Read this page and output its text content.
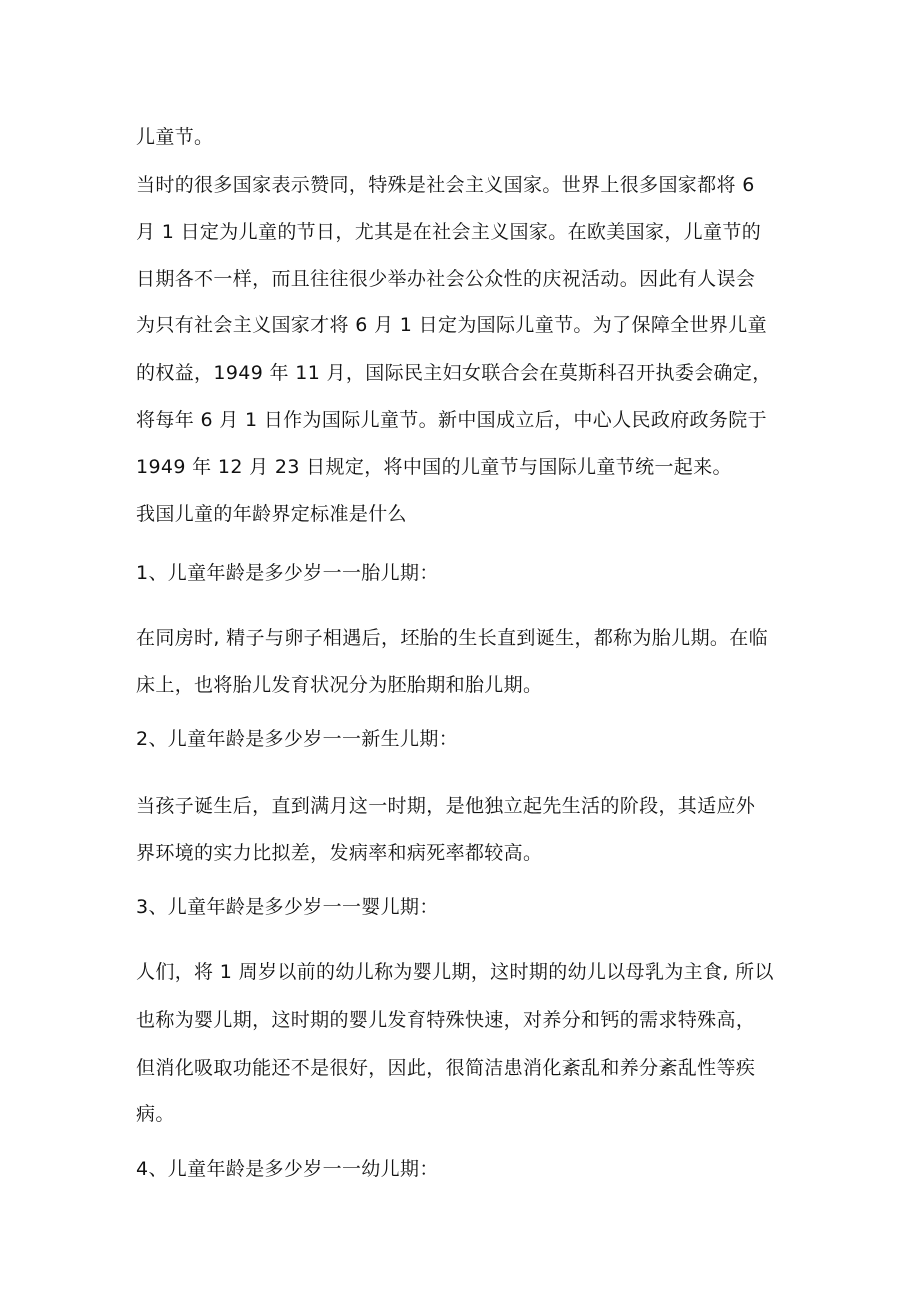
儿童节。
当时的很多国家表示赞同，特殊是社会主义国家。世界上很多国家都将 6
月 1 日定为儿童的节日，尤其是在社会主义国家。在欧美国家，儿童节的
日期各不一样，而且往往很少举办社会公众性的庆祝活动。因此有人误会
为只有社会主义国家才将 6 月 1 日定为国际儿童节。为了保障全世界儿童
的权益，1949 年 11 月，国际民主妇女联合会在莫斯科召开执委会确定，
将每年 6 月 1 日作为国际儿童节。新中国成立后，中心人民政府政务院于
1949 年 12 月 23 日规定，将中国的儿童节与国际儿童节统一起来。
我国儿童的年龄界定标准是什么
1、儿童年龄是多少岁一一胎儿期：
在同房时, 精子与卵子相遇后，坯胎的生长直到诞生，都称为胎儿期。在临
床上，也将胎儿发育状况分为胚胎期和胎儿期。
2、儿童年龄是多少岁一一新生儿期：
当孩子诞生后，直到满月这一时期，是他独立起先生活的阶段，其适应外
界环境的实力比拟差，发病率和病死率都较高。
3、儿童年龄是多少岁一一婴儿期：
人们，将 1 周岁以前的幼儿称为婴儿期，这时期的幼儿以母乳为主食, 所以
也称为婴儿期，这时期的婴儿发育特殊快速，对养分和钙的需求特殊高，
但消化吸取功能还不是很好，因此，很简洁患消化紊乱和养分紊乱性等疾
病。
4、儿童年龄是多少岁一一幼儿期：
